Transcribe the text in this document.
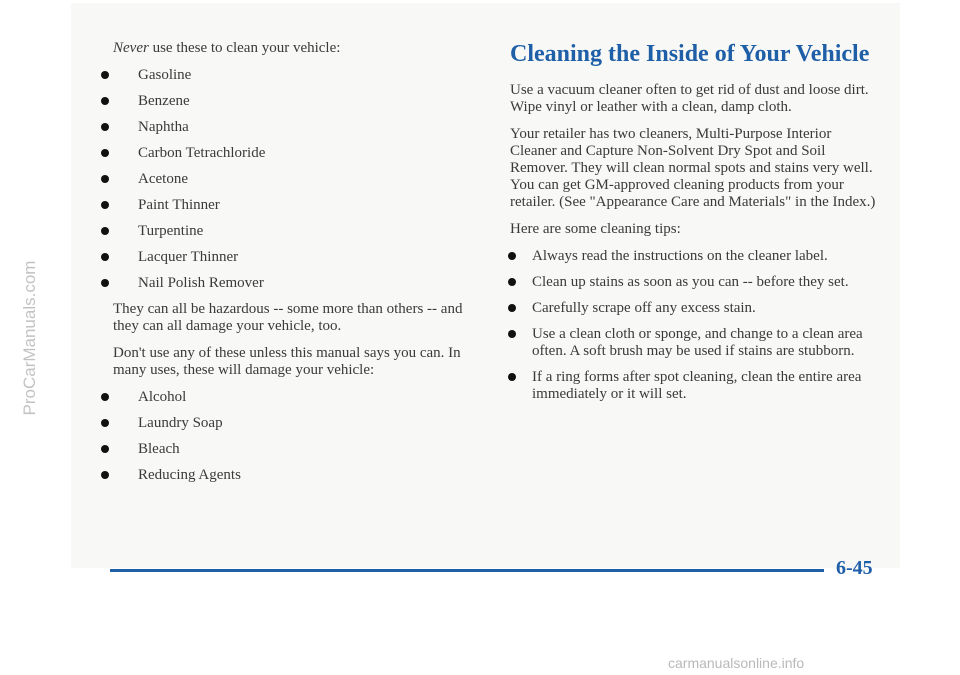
Never use these to clean your vehicle:

Gasoline
Benzene
Naphtha
Carbon Tetrachloride
Acetone
Paint Thinner
Turpentine
Lacquer Thinner
Nail Polish Remover

They can all be hazardous -- some more than others -- and they can all damage your vehicle, too.

Don't use any of these unless this manual says you can. In many uses, these will damage your vehicle:

Alcohol
Laundry Soap
Bleach
Reducing Agents
Cleaning the Inside of Your Vehicle

Use a vacuum cleaner often to get rid of dust and loose dirt. Wipe vinyl or leather with a clean, damp cloth.

Your retailer has two cleaners, Multi-Purpose Interior Cleaner and Capture Non-Solvent Dry Spot and Soil Remover. They will clean normal spots and stains very well. You can get GM-approved cleaning products from your retailer. (See "Appearance Care and Materials" in the Index.)

Here are some cleaning tips:

Always read the instructions on the cleaner label.
Clean up stains as soon as you can -- before they set.
Carefully scrape off any excess stain.
Use a clean cloth or sponge, and change to a clean area often. A soft brush may be used if stains are stubborn.
If a ring forms after spot cleaning, clean the entire area immediately or it will set.
6-45
ProCarManuals.com
carmanualsonline.info
